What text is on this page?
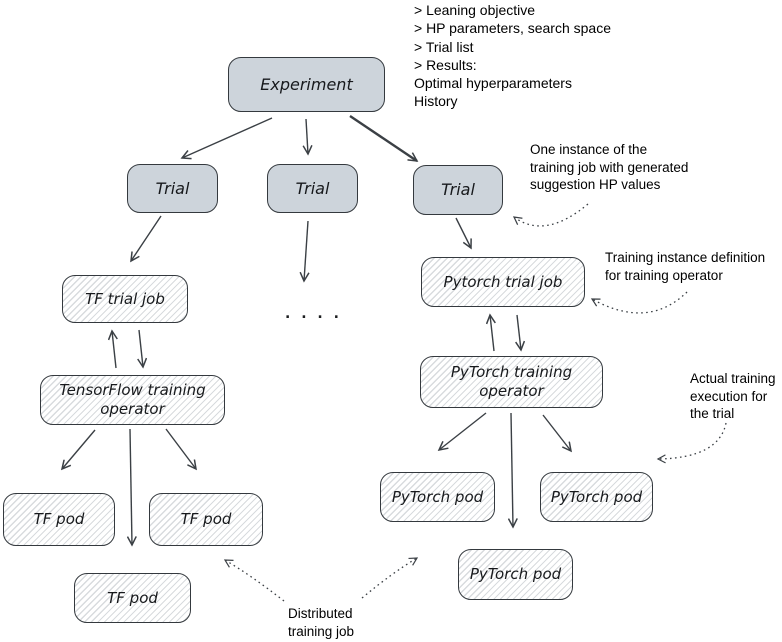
Experiment
Trial	Trial	Trial
TF trial job
Pytorch trial job
TensorFlow training operator
PyTorch training operator
TF pod	TF pod
TF pod
PyTorch pod	PyTorch pod
PyTorch pod
. . . .
> Leaning objective
> HP parameters, search space
> Trial list
> Results:
Optimal hyperparameters
History
One instance of the
training job with generated
suggestion HP values
Training instance definition
for training operator
Actual training
execution for
the trial
Distributed
training job
